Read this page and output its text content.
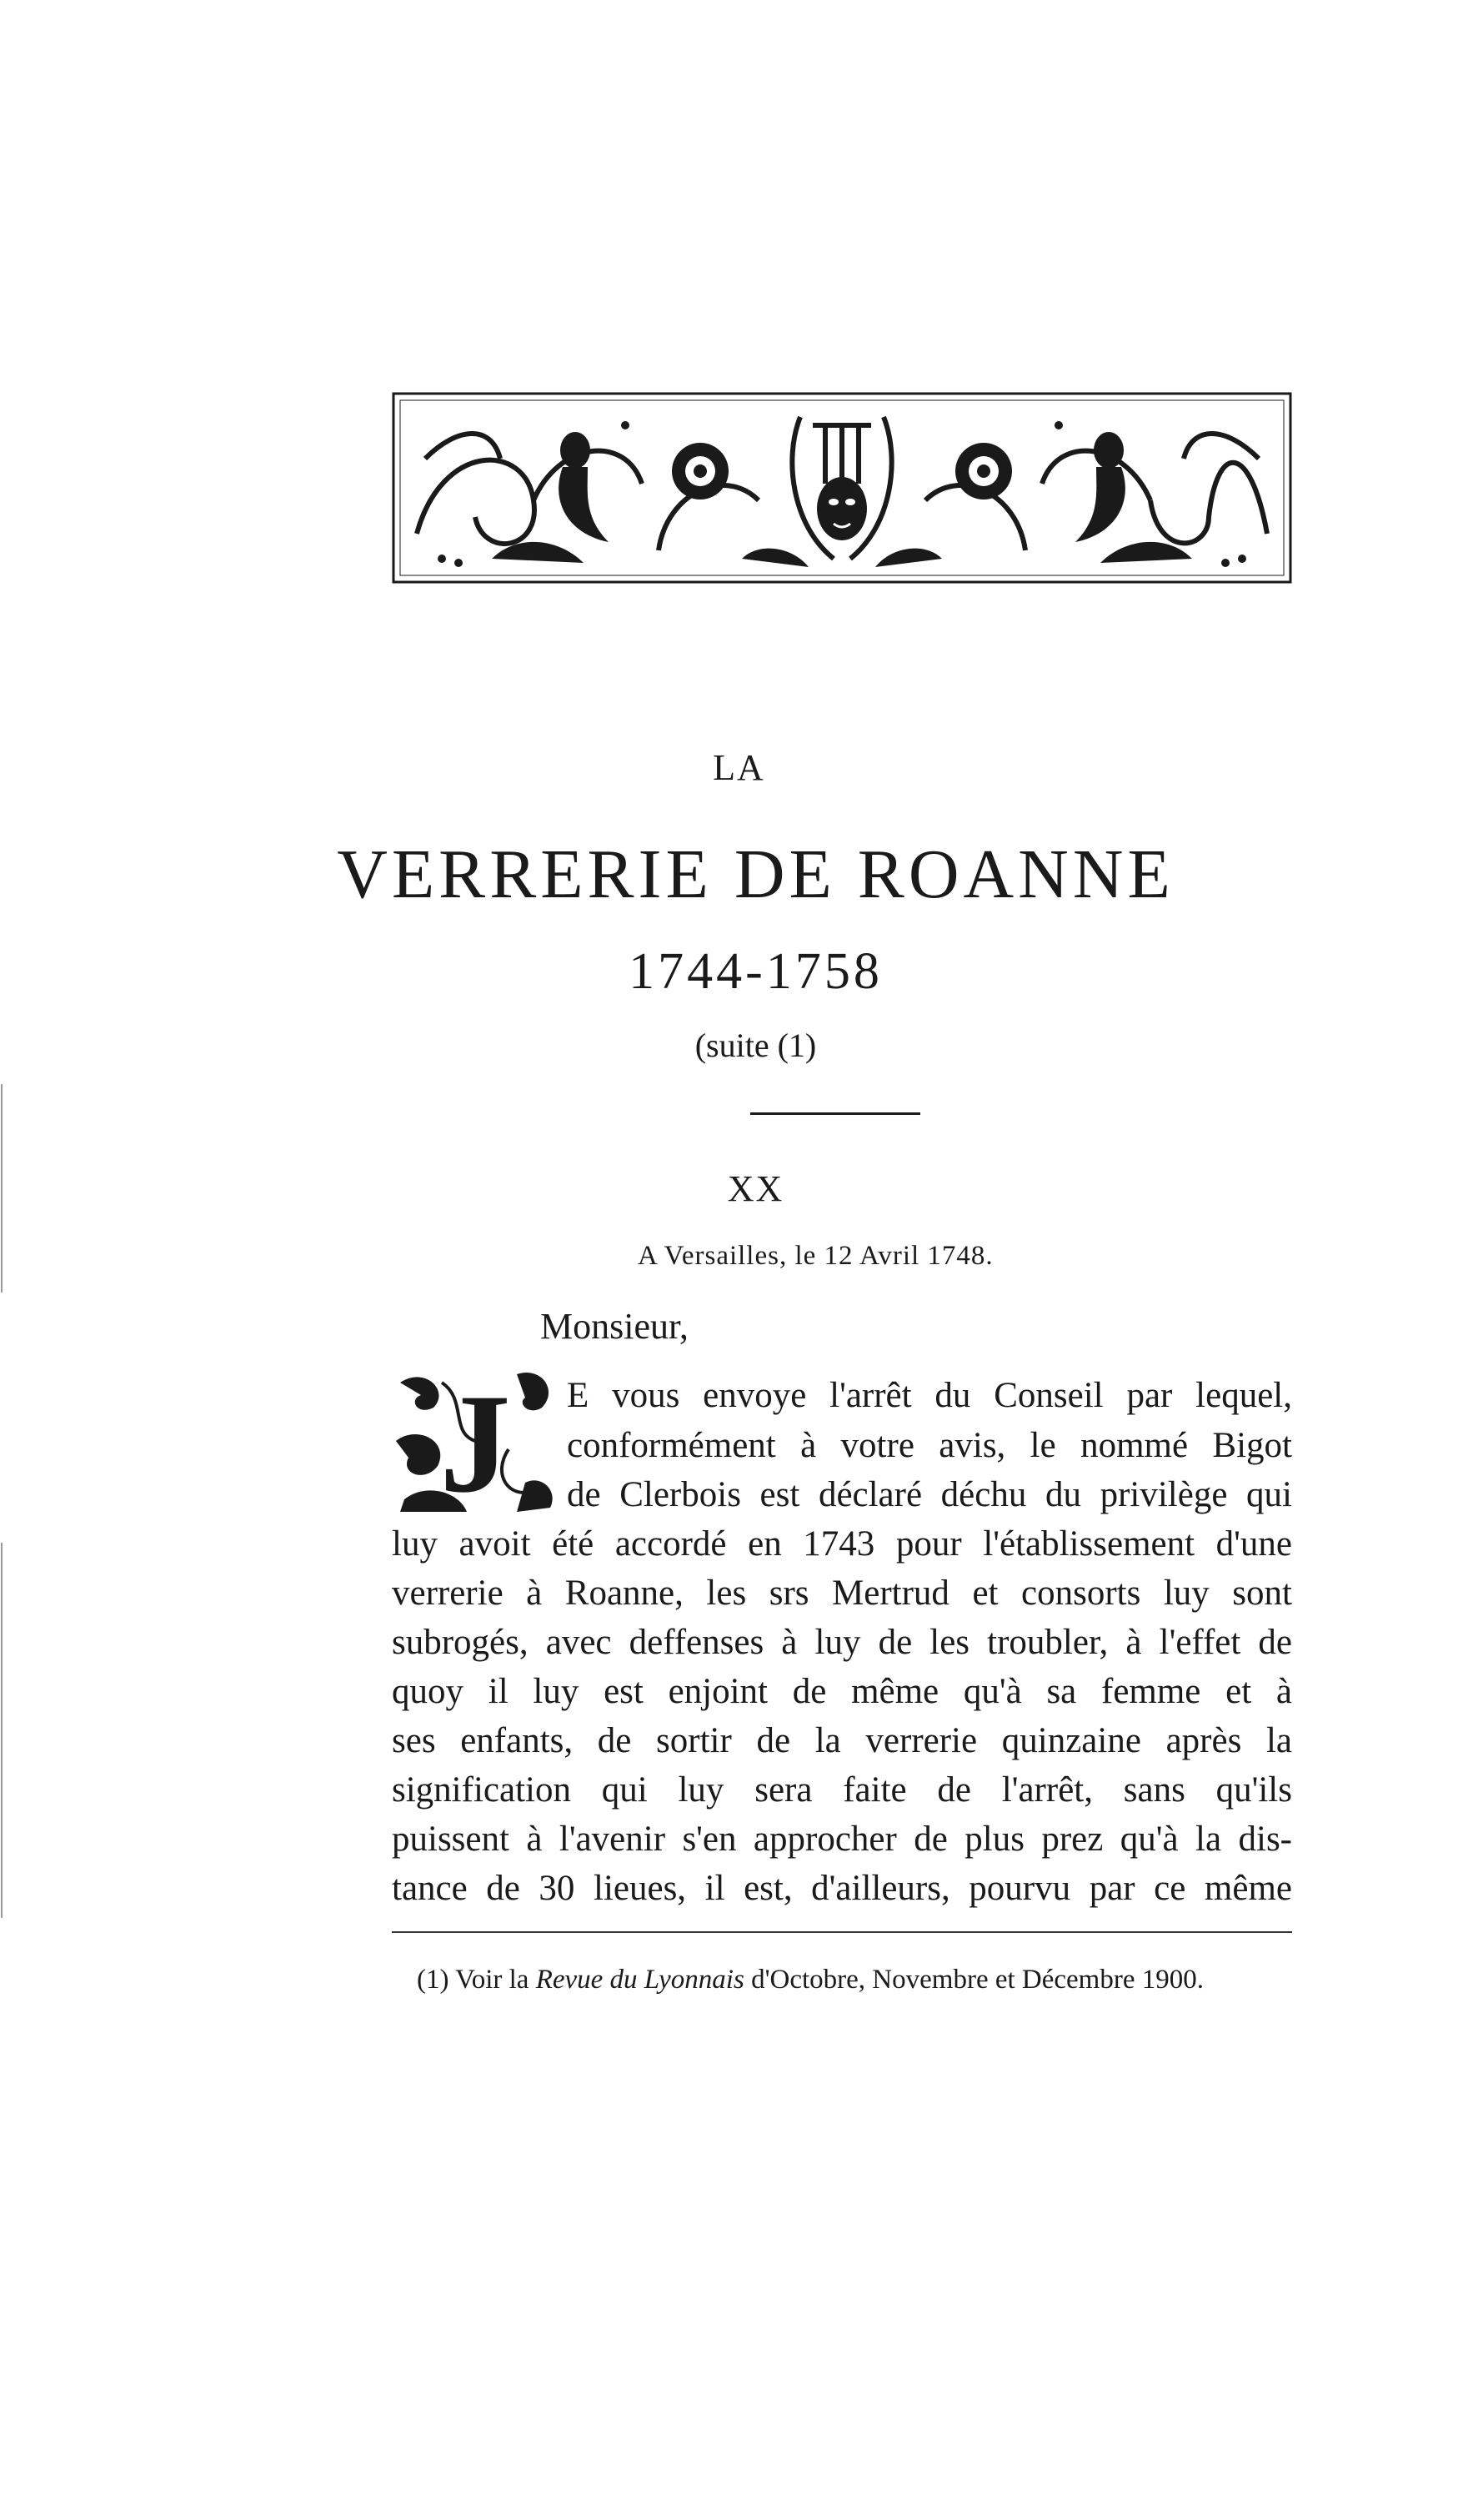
LA
VERRERIE DE ROANNE
1744-1758
(suite (1)
XX
A Versailles, le 12 Avril 1748.
Monsieur,
J E vous envoye l'arrêt du Conseil par lequel,
conformément à votre avis, le nommé Bigot
de Clerbois est déclaré déchu du privilège qui
luy avoit été accordé en 1743 pour l'établissement d'une
verrerie à Roanne, les srs Mertrud et consorts luy sont
subrogés, avec deffenses à luy de les troubler, à l'effet de
quoy il luy est enjoint de même qu'à sa femme et à
ses enfants, de sortir de la verrerie quinzaine après la
signification qui luy sera faite de l'arrêt, sans qu'ils
puissent à l'avenir s'en approcher de plus prez qu'à la dis-
tance de 30 lieues, il est, d'ailleurs, pourvu par ce même
(1) Voir la Revue du Lyonnais d'Octobre, Novembre et Décembre 1900.
